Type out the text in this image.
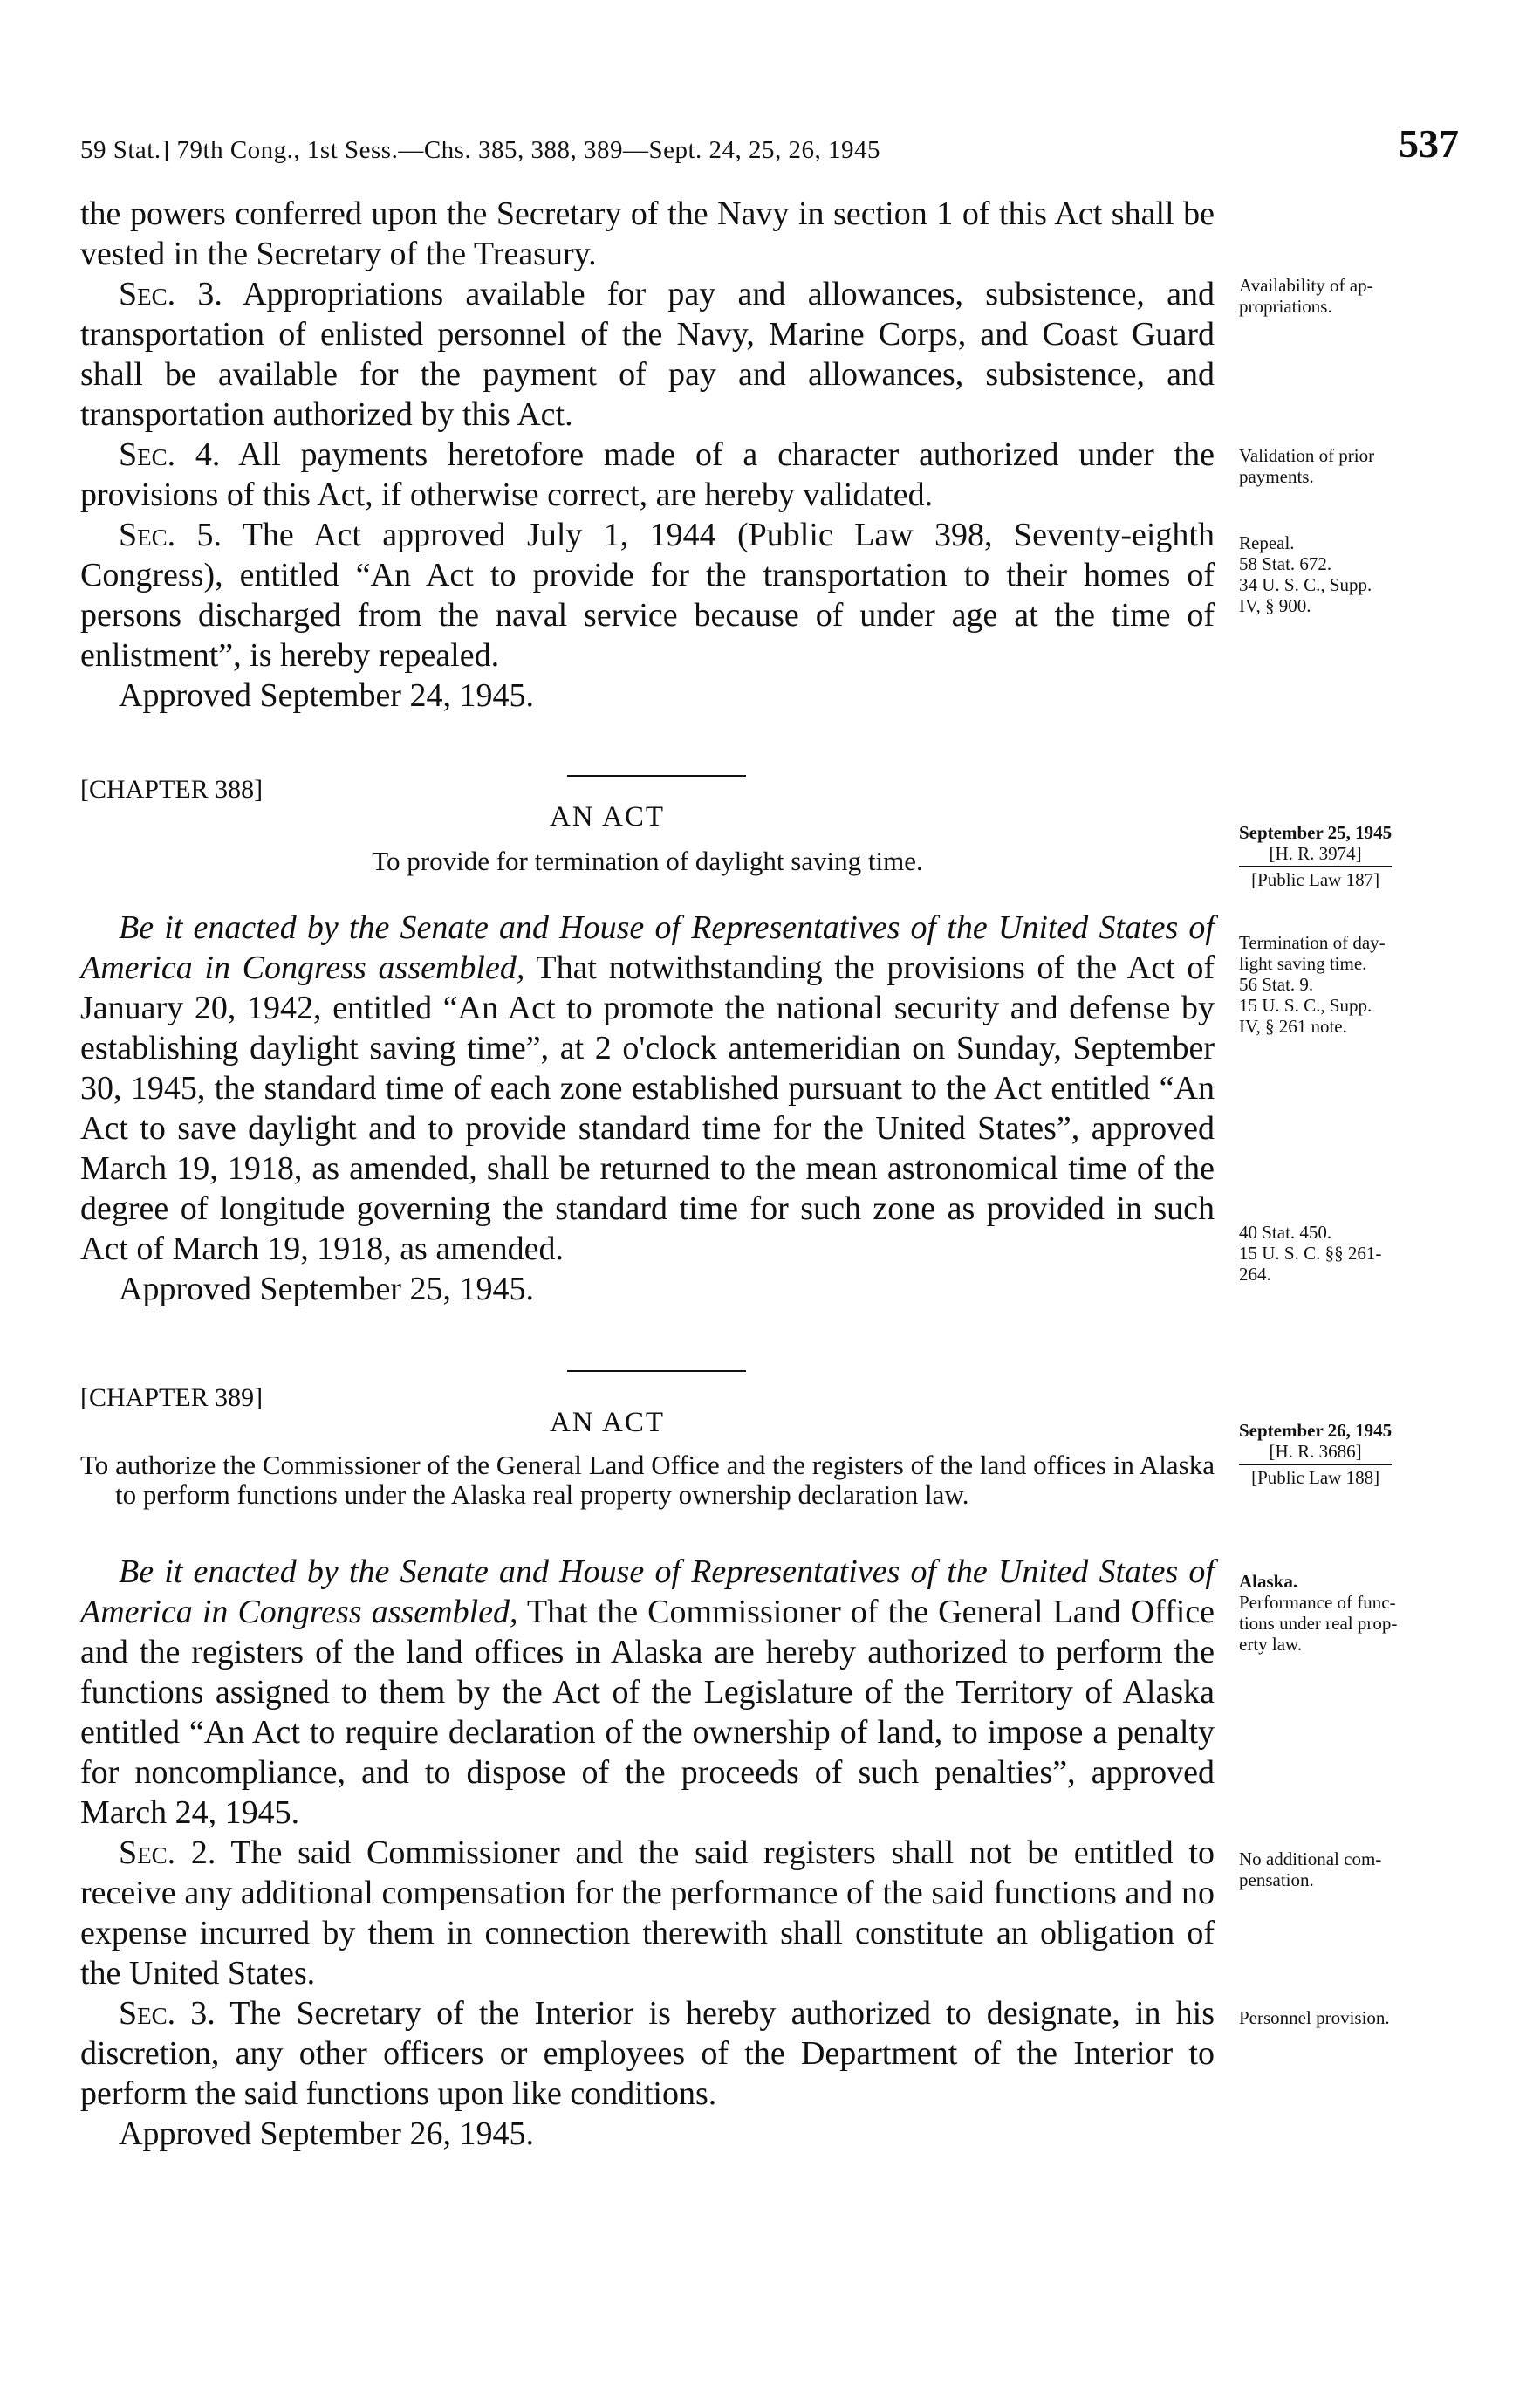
59 Stat.] 79th Cong., 1st Sess.—Chs. 385, 388, 389—Sept. 24, 25, 26, 1945	537

the powers conferred upon the Secretary of the Navy in section 1 of this Act shall be vested in the Secretary of the Treasury.

Sec. 3. Appropriations available for pay and allowances, subsistence, and transportation of enlisted personnel of the Navy, Marine Corps, and Coast Guard shall be available for the payment of pay and allowances, subsistence, and transportation authorized by this Act.

Sec. 4. All payments heretofore made of a character authorized under the provisions of this Act, if otherwise correct, are hereby validated.

Sec. 5. The Act approved July 1, 1944 (Public Law 398, Seventy-eighth Congress), entitled “An Act to provide for the transportation to their homes of persons discharged from the naval service because of under age at the time of enlistment”, is hereby repealed.

Approved September 24, 1945.

Availability of ap-
propriations.
Validation of prior
payments.
Repeal.
58 Stat. 672.
34 U. S. C., Supp.
IV, § 900.
[CHAPTER 388]
AN ACT
To provide for termination of daylight saving time.
September 25, 1945
[H. R. 3974]
[Public Law 187]

Be it enacted by the Senate and House of Representatives of the United States of America in Congress assembled, That notwithstanding the provisions of the Act of January 20, 1942, entitled “An Act to promote the national security and defense by establishing daylight saving time”, at 2 o'clock antemeridian on Sunday, September 30, 1945, the standard time of each zone established pursuant to the Act entitled “An Act to save daylight and to provide standard time for the United States”, approved March 19, 1918, as amended, shall be returned to the mean astronomical time of the degree of longitude governing the standard time for such zone as provided in such Act of March 19, 1918, as amended.

Approved September 25, 1945.

Termination of day-
light saving time.
56 Stat. 9.
15 U. S. C., Supp.
IV, § 261 note.
40 Stat. 450.
15 U. S. C. §§ 261-
264.
[CHAPTER 389]
AN ACT
To authorize the Commissioner of the General Land Office and the registers of the land offices in Alaska to perform functions under the Alaska real property ownership declaration law.
September 26, 1945
[H. R. 3686]
[Public Law 188]

Be it enacted by the Senate and House of Representatives of the United States of America in Congress assembled, That the Commissioner of the General Land Office and the registers of the land offices in Alaska are hereby authorized to perform the functions assigned to them by the Act of the Legislature of the Territory of Alaska entitled “An Act to require declaration of the ownership of land, to impose a penalty for noncompliance, and to dispose of the proceeds of such penalties”, approved March 24, 1945.

Sec. 2. The said Commissioner and the said registers shall not be entitled to receive any additional compensation for the performance of the said functions and no expense incurred by them in connection therewith shall constitute an obligation of the United States.

Sec. 3. The Secretary of the Interior is hereby authorized to designate, in his discretion, any other officers or employees of the Department of the Interior to perform the said functions upon like conditions.

Approved September 26, 1945.

Alaska.
Performance of func-
tions under real prop-
erty law.
No additional com-
pensation.
Personnel provision.
